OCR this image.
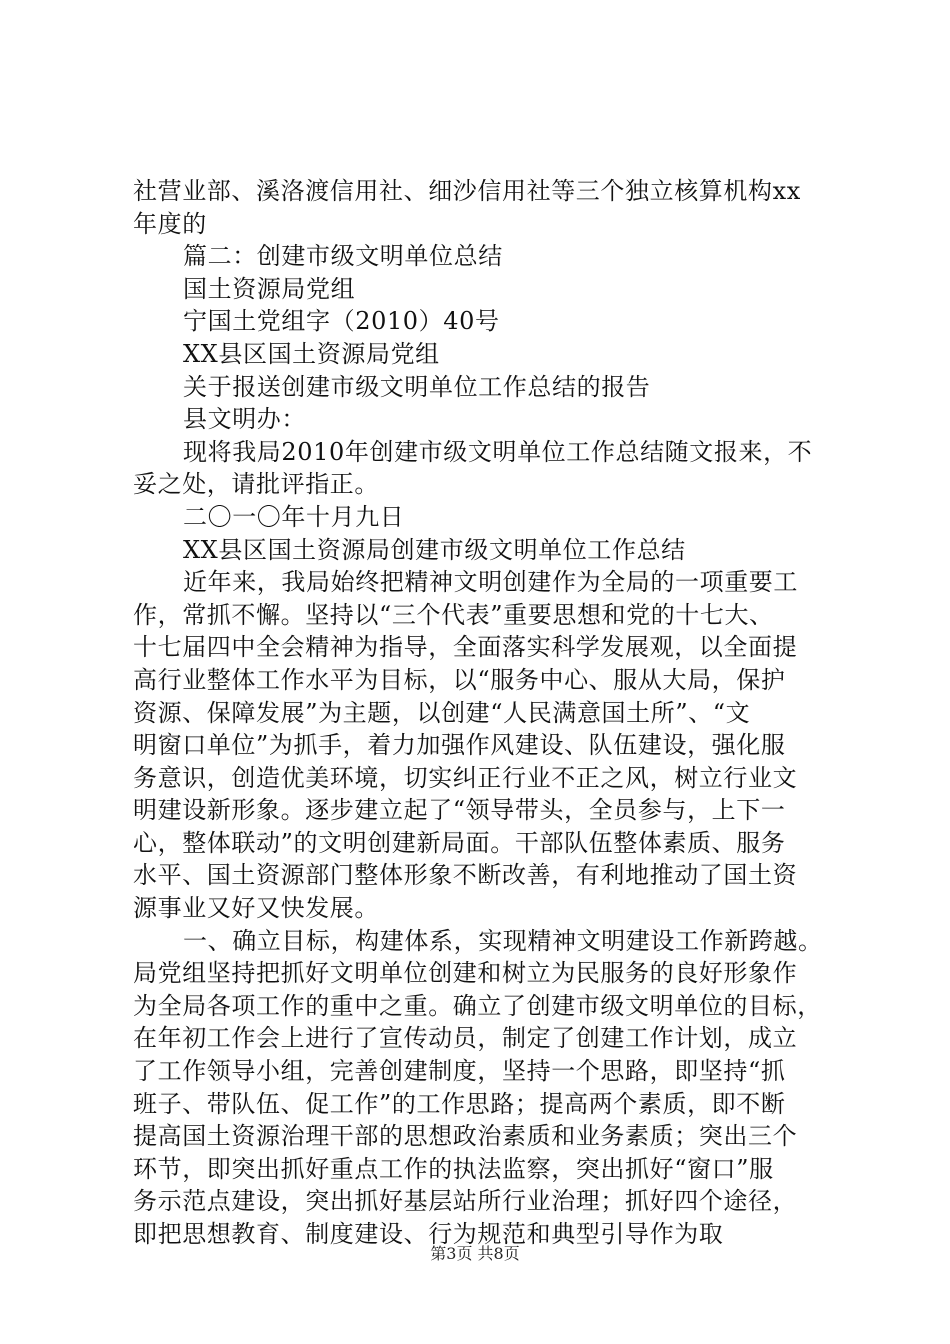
社营业部、溪洛渡信用社、细沙信用社等三个独立核算机构xx
年度的
篇二：创建市级文明单位总结
国土资源局党组
宁国土党组字（2010）40号
XX县区国土资源局党组
关于报送创建市级文明单位工作总结的报告
县文明办：
现将我局2010年创建市级文明单位工作总结随文报来，不
妥之处，请批评指正。
二〇一〇年十月九日
XX县区国土资源局创建市级文明单位工作总结
近年来，我局始终把精神文明创建作为全局的一项重要工
作，常抓不懈。坚持以“三个代表”重要思想和党的十七大、
十七届四中全会精神为指导，全面落实科学发展观，以全面提
高行业整体工作水平为目标，以“服务中心、服从大局，保护
资源、保障发展”为主题，以创建“人民满意国土所”、“文
明窗口单位”为抓手，着力加强作风建设、队伍建设，强化服
务意识，创造优美环境，切实纠正行业不正之风，树立行业文
明建设新形象。逐步建立起了“领导带头，全员参与，上下一
心，整体联动”的文明创建新局面。干部队伍整体素质、服务
水平、国土资源部门整体形象不断改善，有利地推动了国土资
源事业又好又快发展。
一、确立目标，构建体系，实现精神文明建设工作新跨越。
局党组坚持把抓好文明单位创建和树立为民服务的良好形象作
为全局各项工作的重中之重。确立了创建市级文明单位的目标，
在年初工作会上进行了宣传动员，制定了创建工作计划，成立
了工作领导小组，完善创建制度，坚持一个思路，即坚持“抓
班子、带队伍、促工作”的工作思路；提高两个素质，即不断
提高国土资源治理干部的思想政治素质和业务素质；突出三个
环节，即突出抓好重点工作的执法监察，突出抓好“窗口”服
务示范点建设，突出抓好基层站所行业治理；抓好四个途径，
即把思想教育、制度建设、行为规范和典型引导作为取
第3页 共8页
